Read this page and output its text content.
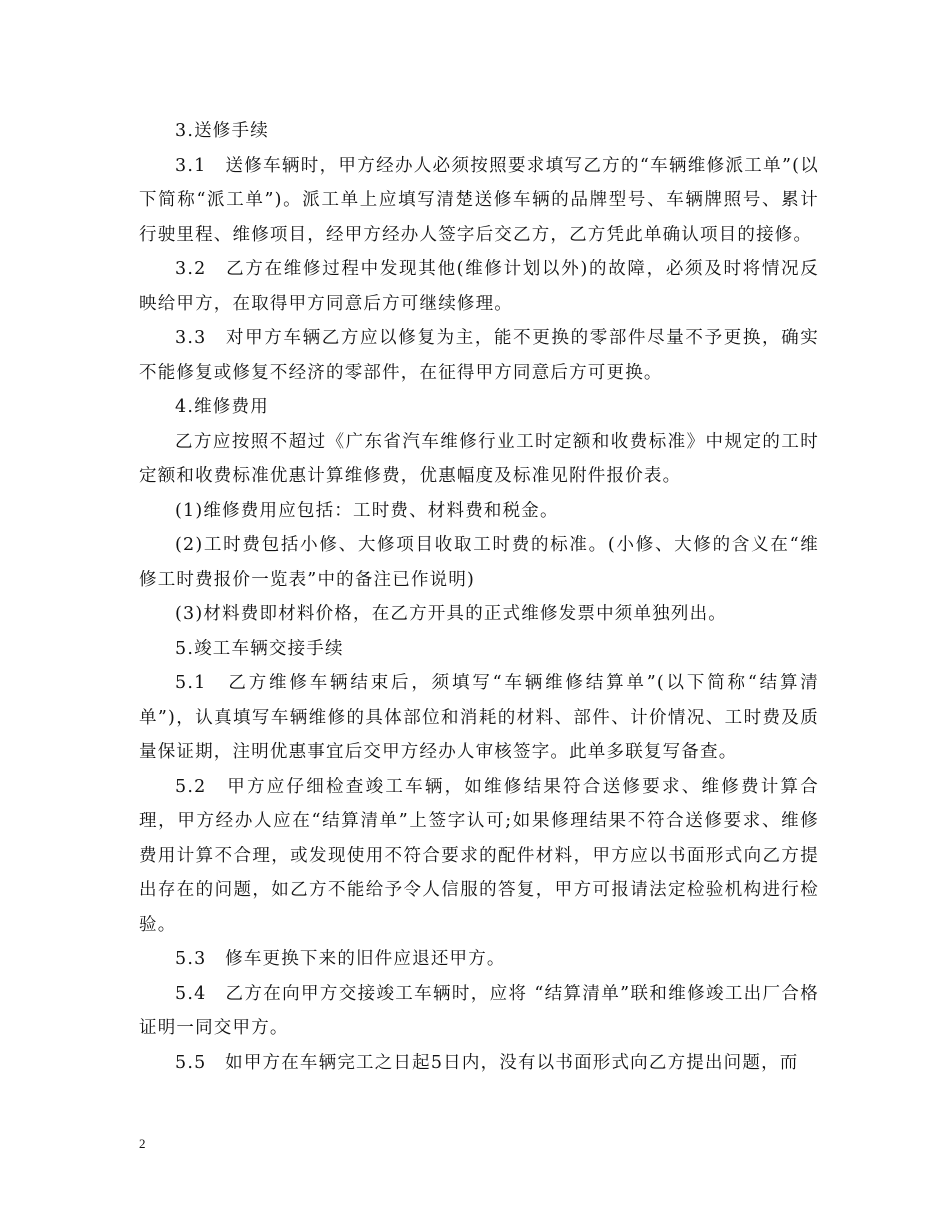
3.送修手续

3.1　送修车辆时，甲方经办人必须按照要求填写乙方的“车辆维修派工单”(以下简称“派工单”)。派工单上应填写清楚送修车辆的品牌型号、车辆牌照号、累计行驶里程、维修项目，经甲方经办人签字后交乙方，乙方凭此单确认项目的接修。

3.2　乙方在维修过程中发现其他(维修计划以外)的故障，必须及时将情况反映给甲方，在取得甲方同意后方可继续修理。

3.3　对甲方车辆乙方应以修复为主，能不更换的零部件尽量不予更换，确实不能修复或修复不经济的零部件，在征得甲方同意后方可更换。

4.维修费用

乙方应按照不超过《广东省汽车维修行业工时定额和收费标准》中规定的工时定额和收费标准优惠计算维修费，优惠幅度及标准见附件报价表。

(1)维修费用应包括：工时费、材料费和税金。

(2)工时费包括小修、大修项目收取工时费的标准。(小修、大修的含义在“维修工时费报价一览表”中的备注已作说明)

(3)材料费即材料价格，在乙方开具的正式维修发票中须单独列出。

5.竣工车辆交接手续

5.1　乙方维修车辆结束后，须填写“车辆维修结算单”(以下简称“结算清单”)，认真填写车辆维修的具体部位和消耗的材料、部件、计价情况、工时费及质量保证期，注明优惠事宜后交甲方经办人审核签字。此单多联复写备查。

5.2　甲方应仔细检查竣工车辆，如维修结果符合送修要求、维修费计算合理，甲方经办人应在“结算清单”上签字认可;如果修理结果不符合送修要求、维修费用计算不合理，或发现使用不符合要求的配件材料，甲方应以书面形式向乙方提出存在的问题，如乙方不能给予令人信服的答复，甲方可报请法定检验机构进行检验。

5.3　修车更换下来的旧件应退还甲方。

5.4　乙方在向甲方交接竣工车辆时，应将 “结算清单”联和维修竣工出厂合格证明一同交甲方。

5.5　如甲方在车辆完工之日起5日内，没有以书面形式向乙方提出问题，而

2
